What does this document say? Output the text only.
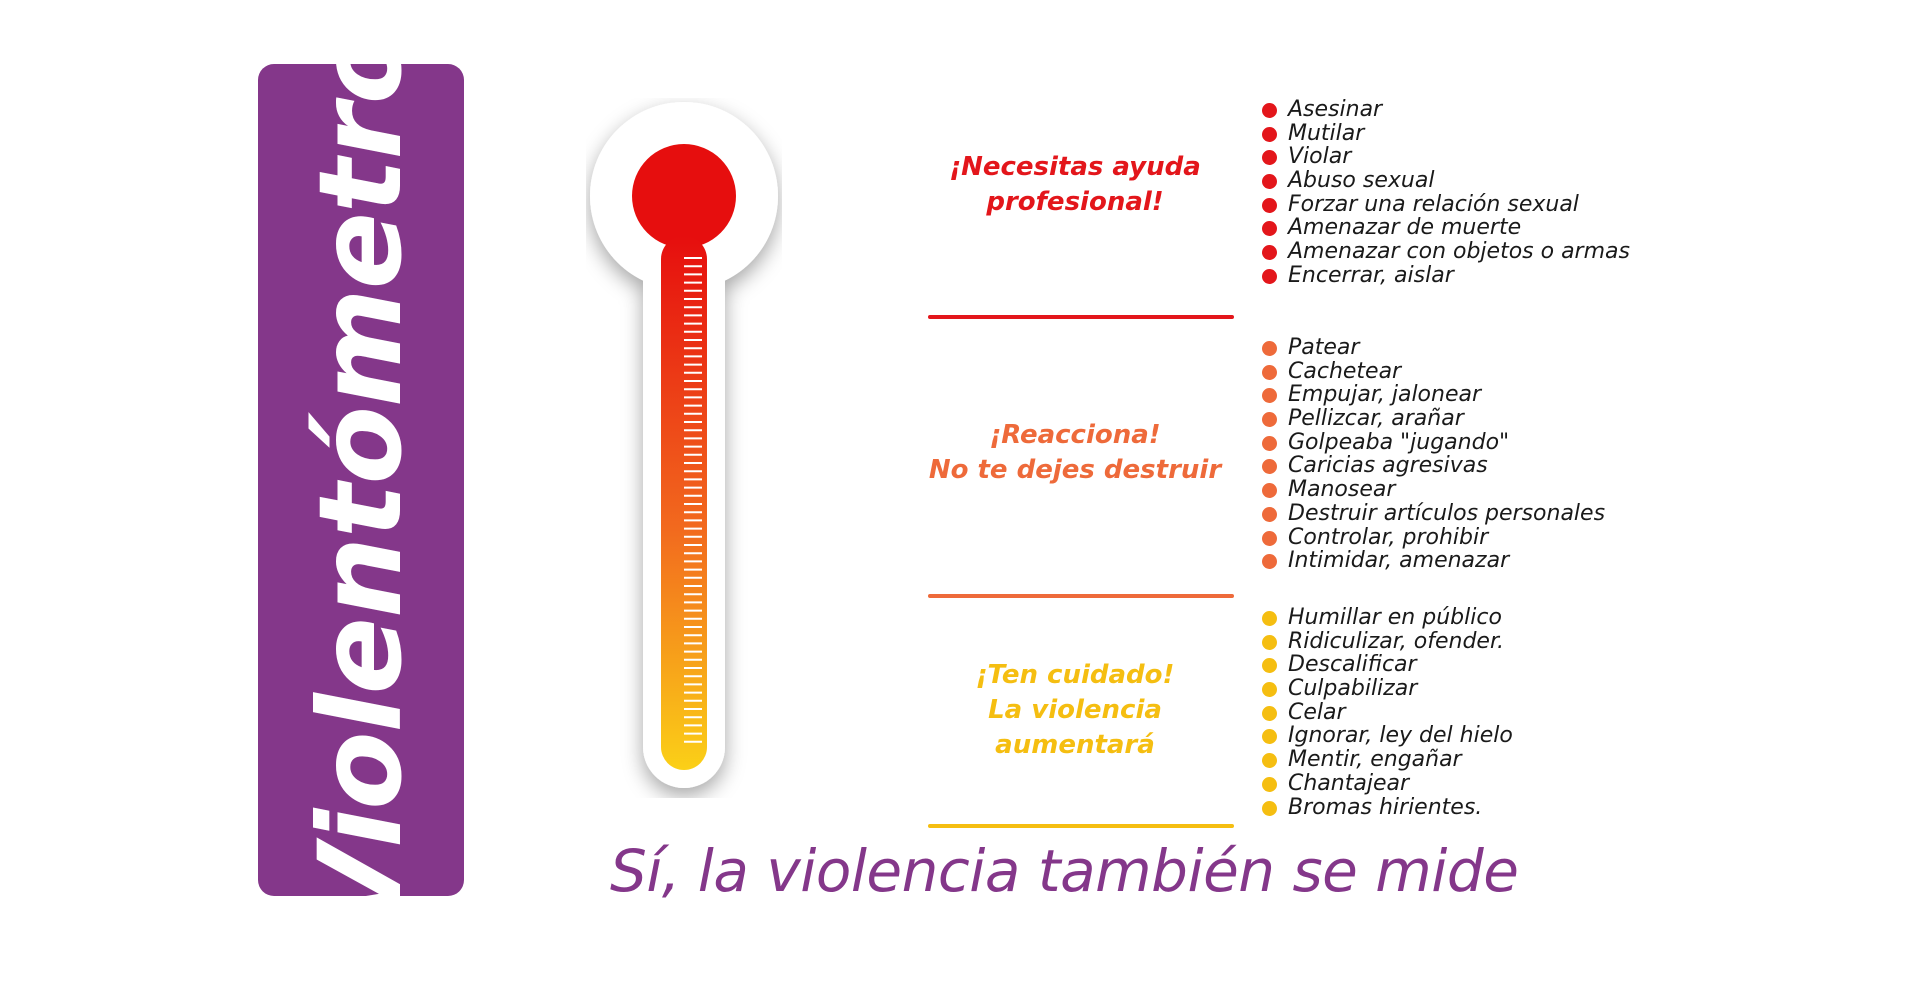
Violentómetro	¡Necesitas ayuda
profesional!
Asesinar
Mutilar
Violar
Abuso sexual
Forzar una relación sexual
Amenazar de muerte
Amenazar con objetos o armas
Encerrar, aislar
¡Reacciona!
No te dejes destruir
Patear
Cachetear
Empujar, jalonear
Pellizcar, arañar
Golpeaba "jugando"
Caricias agresivas
Manosear
Destruir artículos personales
Controlar, prohibir
Intimidar, amenazar
¡Ten cuidado!
La violencia
aumentará
Humillar en público
Ridiculizar, ofender.
Descalificar
Culpabilizar
Celar
Ignorar, ley del hielo
Mentir, engañar
Chantajear
Bromas hirientes.
Sí, la violencia también se mide
